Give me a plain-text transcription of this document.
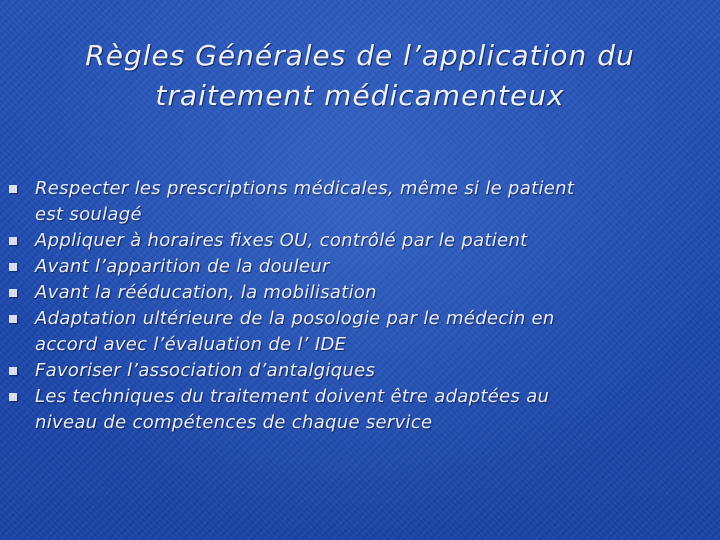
Règles Générales de l’application du
traitement médicamenteux
Respecter les prescriptions médicales, même si le patient
est soulagé
Appliquer à horaires fixes OU, contrôlé par le patient
Avant l’apparition de la douleur
Avant la rééducation, la mobilisation
Adaptation ultérieure de la posologie par le médecin en
accord avec l’évaluation de l’ IDE
Favoriser l’association d’antalgiques
Les techniques du traitement doivent être adaptées au
niveau de compétences de chaque service
